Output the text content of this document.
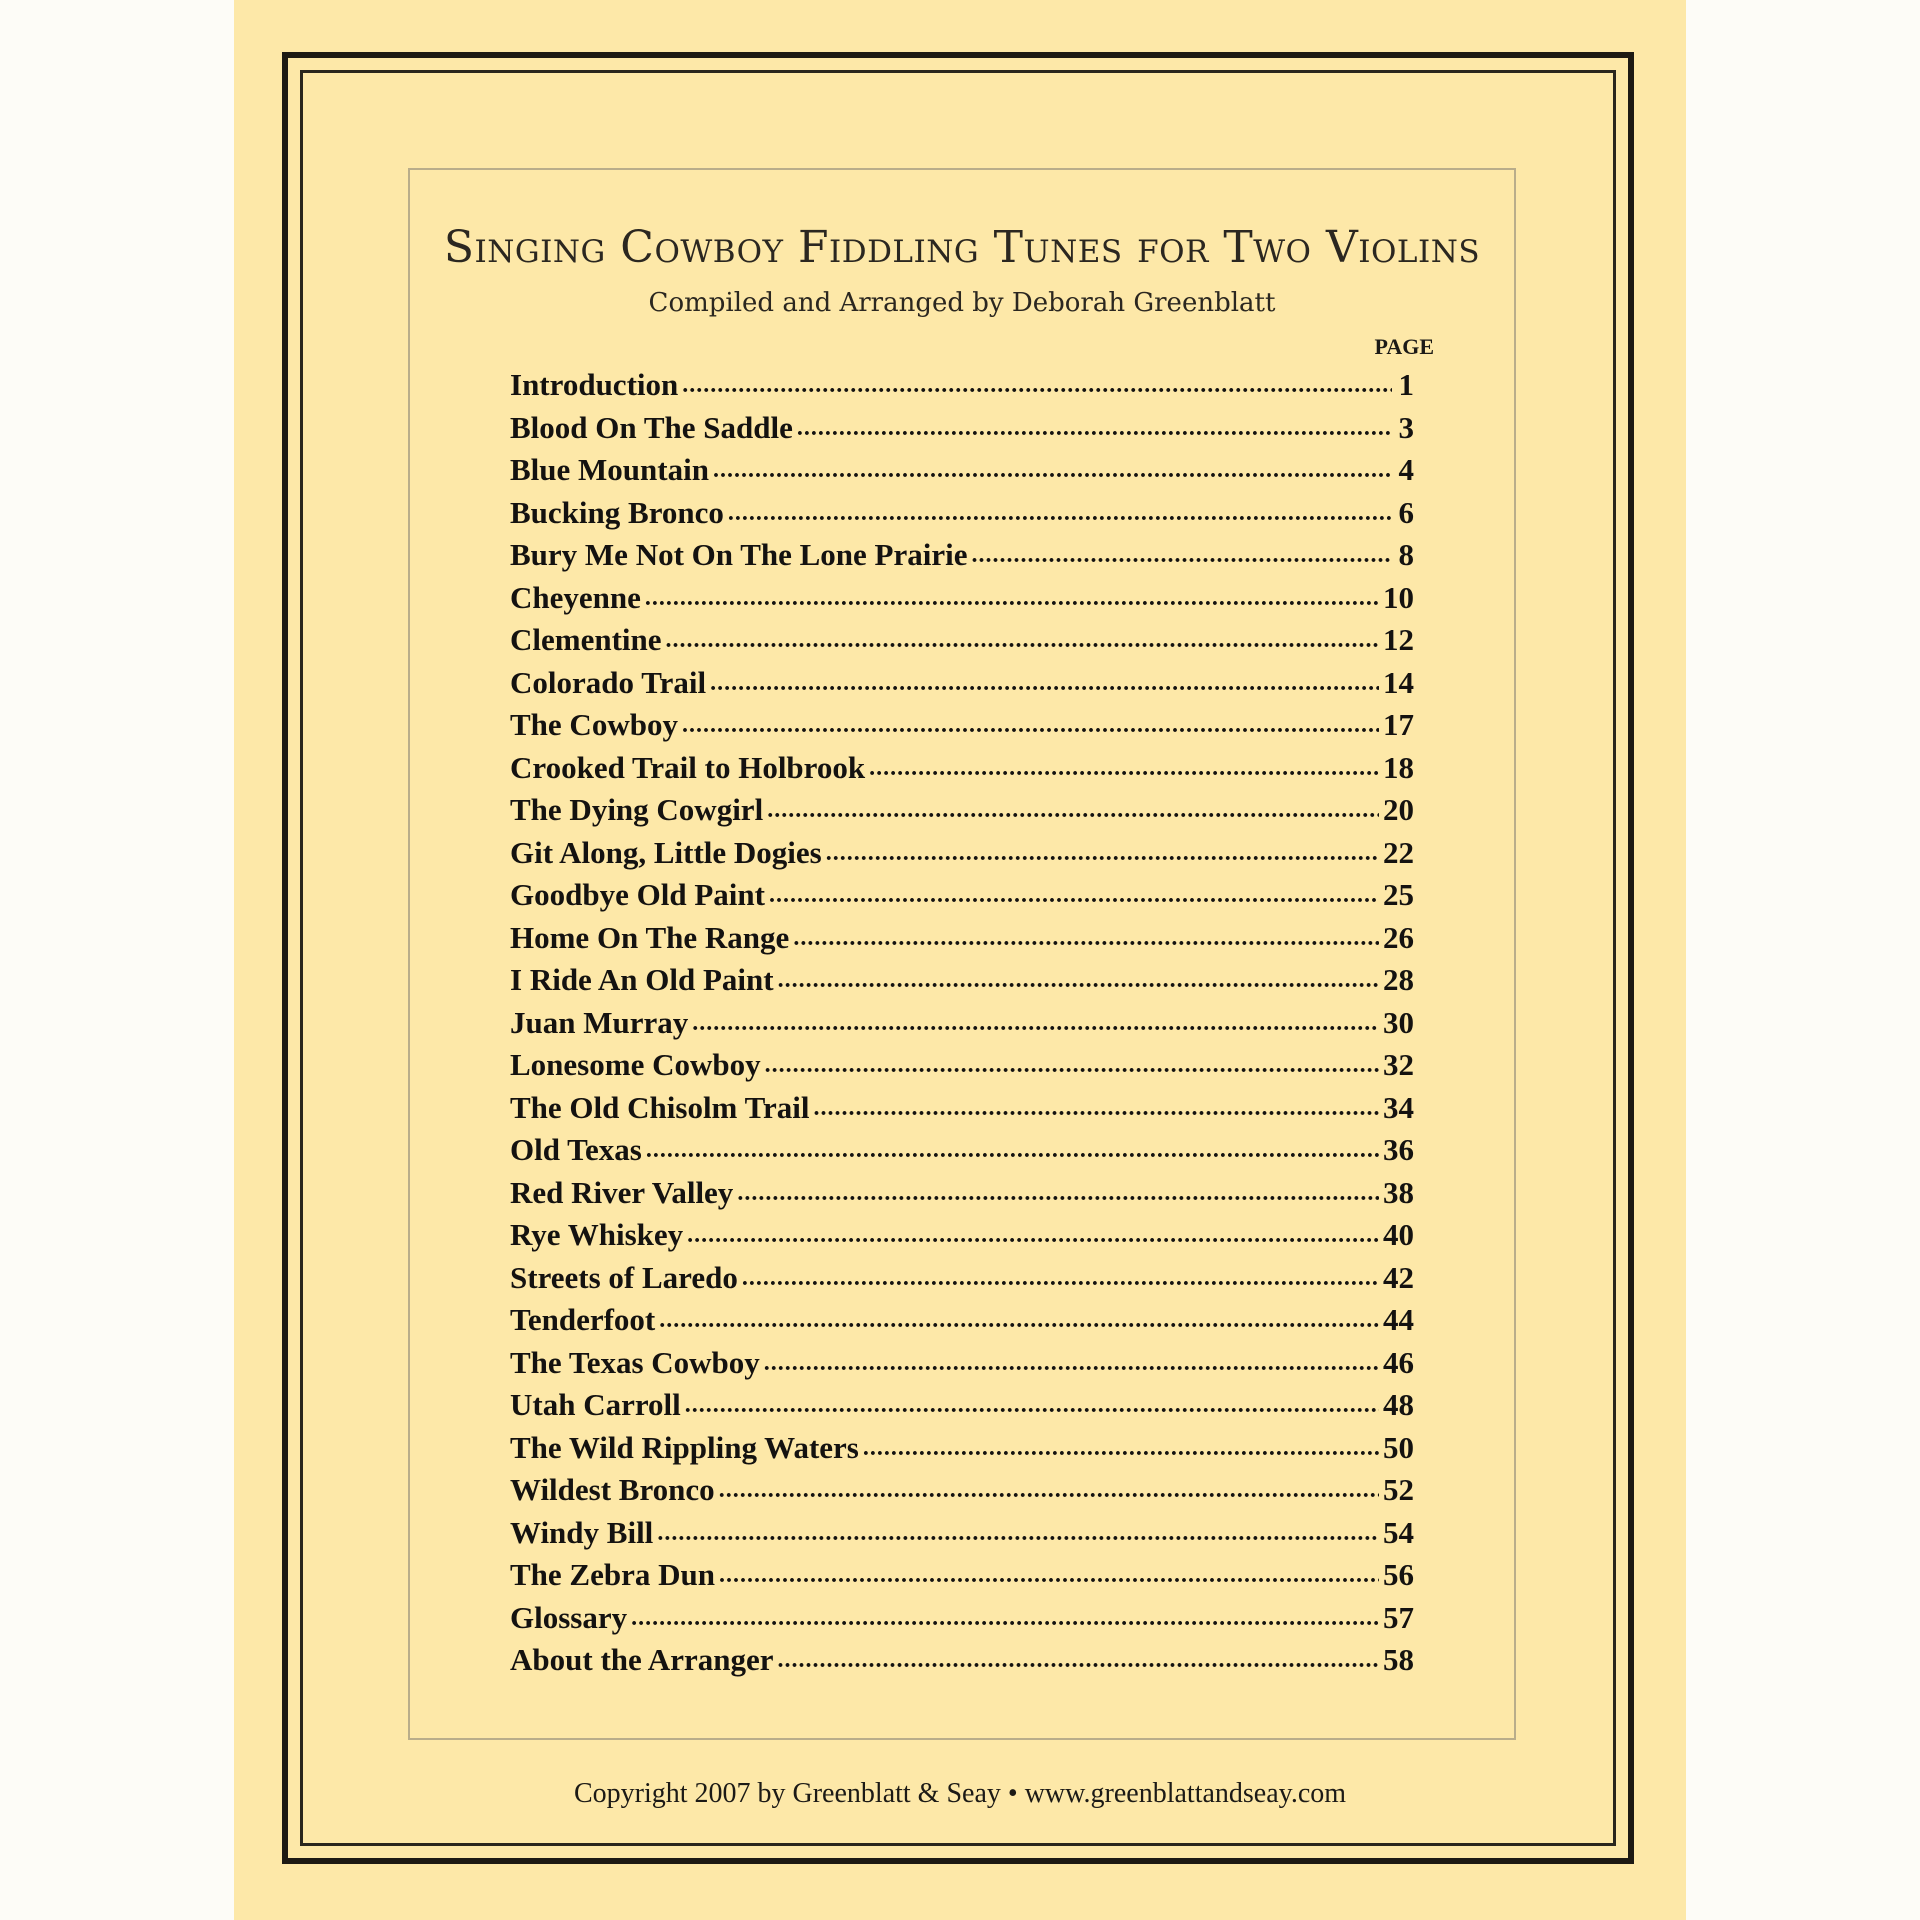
Singing Cowboy Fiddling Tunes for Two Violins
Compiled and Arranged by Deborah Greenblatt
PAGE
Introduction .....	1
Blood On The Saddle .....	3
Blue Mountain .....	4
Bucking Bronco .....	6
Bury Me Not On The Lone Prairie .....	8
Cheyenne .....	10
Clementine .....	12
Colorado Trail .....	14
The Cowboy .....	17
Crooked Trail to Holbrook .....	18
The Dying Cowgirl .....	20
Git Along, Little Dogies .....	22
Goodbye Old Paint .....	25
Home On The Range .....	26
I Ride An Old Paint .....	28
Juan Murray .....	30
Lonesome Cowboy .....	32
The Old Chisolm Trail .....	34
Old Texas .....	36
Red River Valley .....	38
Rye Whiskey .....	40
Streets of Laredo .....	42
Tenderfoot .....	44
The Texas Cowboy .....	46
Utah Carroll .....	48
The Wild Rippling Waters .....	50
Wildest Bronco .....	52
Windy Bill .....	54
The Zebra Dun .....	56
Glossary .....	57
About the Arranger .....	58
Copyright 2007 by Greenblatt & Seay • www.greenblattandseay.com
